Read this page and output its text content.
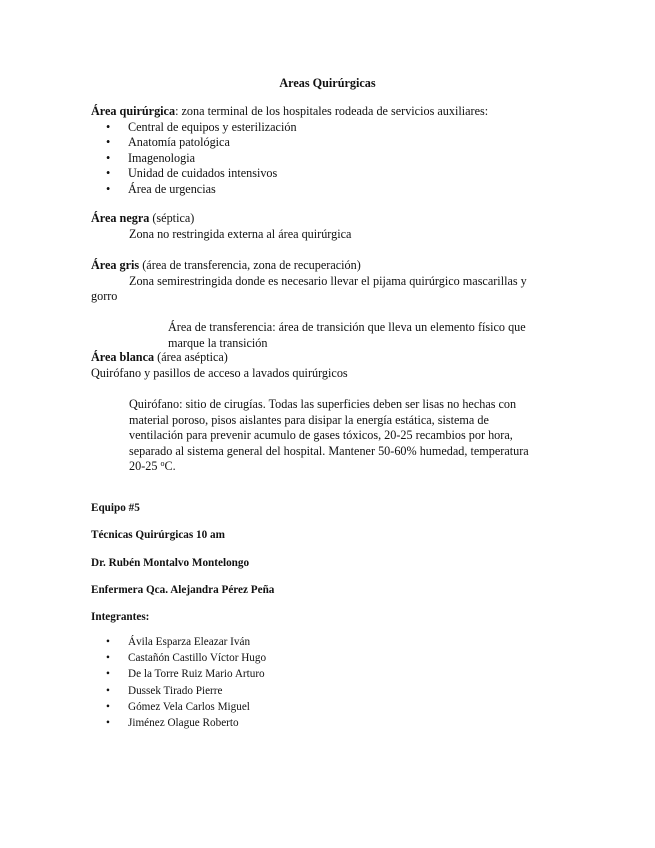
Areas Quirúrgicas
Área quirúrgica: zona terminal de los hospitales rodeada de servicios auxiliares:
• Central de equipos y esterilización
• Anatomía patológica
• Imagenologia
• Unidad de cuidados intensivos
• Área de urgencias
Área negra (séptica)
Zona no restringida externa al área quirúrgica
Área gris (área de transferencia, zona de recuperación)
Zona semirestringida donde es necesario llevar el pijama quirúrgico mascarillas y
gorro
Área de transferencia: área de transición que lleva un elemento físico que
marque la transición
Área blanca (área aséptica)
Quirófano y pasillos de acceso a lavados quirúrgicos
Quirófano: sitio de cirugías. Todas las superficies deben ser lisas no hechas con
material poroso, pisos aislantes para disipar la energía estática, sistema de
ventilación para prevenir acumulo de gases tóxicos, 20-25 recambios por hora,
separado al sistema general del hospital. Mantener 50-60% humedad, temperatura
20-25 $^o$C.
Equipo #5
Técnicas Quirúrgicas 10 am
Dr. Rubén Montalvo Montelongo
Enfermera Qca. Alejandra Pérez Peña
Integrantes:
• Ávila Esparza Eleazar Iván
• Castañón Castillo Víctor Hugo
• De la Torre Ruiz Mario Arturo
• Dussek Tirado Pierre
• Gómez Vela Carlos Miguel
• Jiménez Olague Roberto
